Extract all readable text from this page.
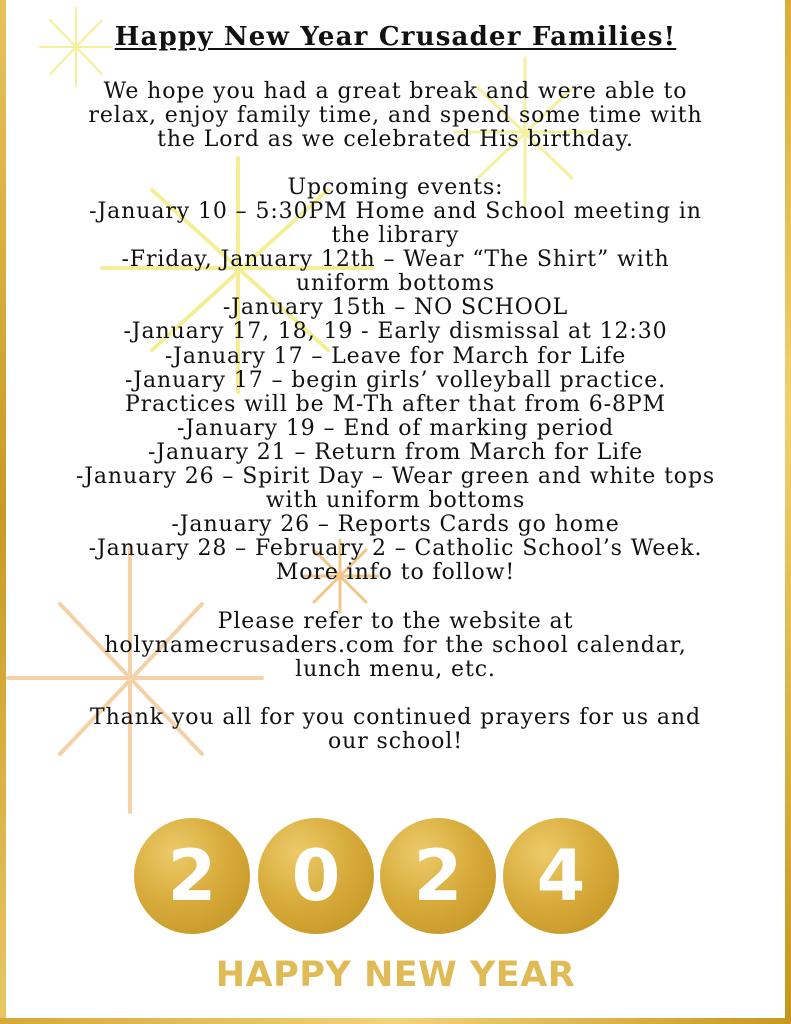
Happy New Year Crusader Families!

We hope you had a great break and were able to

relax, enjoy family time, and spend some time with

the Lord as we celebrated His birthday.

Upcoming events:

-January 10 – 5:30PM Home and School meeting in

the library

-Friday, January 12th – Wear “The Shirt” with

uniform bottoms

-January 15th – NO SCHOOL

-January 17, 18, 19 - Early dismissal at 12:30

-January 17 – Leave for March for Life

-January 17 – begin girls’ volleyball practice.

Practices will be M-Th after that from 6-8PM

-January 19 – End of marking period

-January 21 – Return from March for Life

-January 26 – Spirit Day – Wear green and white tops

with uniform bottoms

-January 26 – Reports Cards go home

-January 28 – February 2 – Catholic School’s Week.

More info to follow!

Please refer to the website at

holynamecrusaders.com for the school calendar,

lunch menu, etc.

Thank you all for you continued prayers for us and

our school!

2	0	2	4
HAPPY NEW YEAR
